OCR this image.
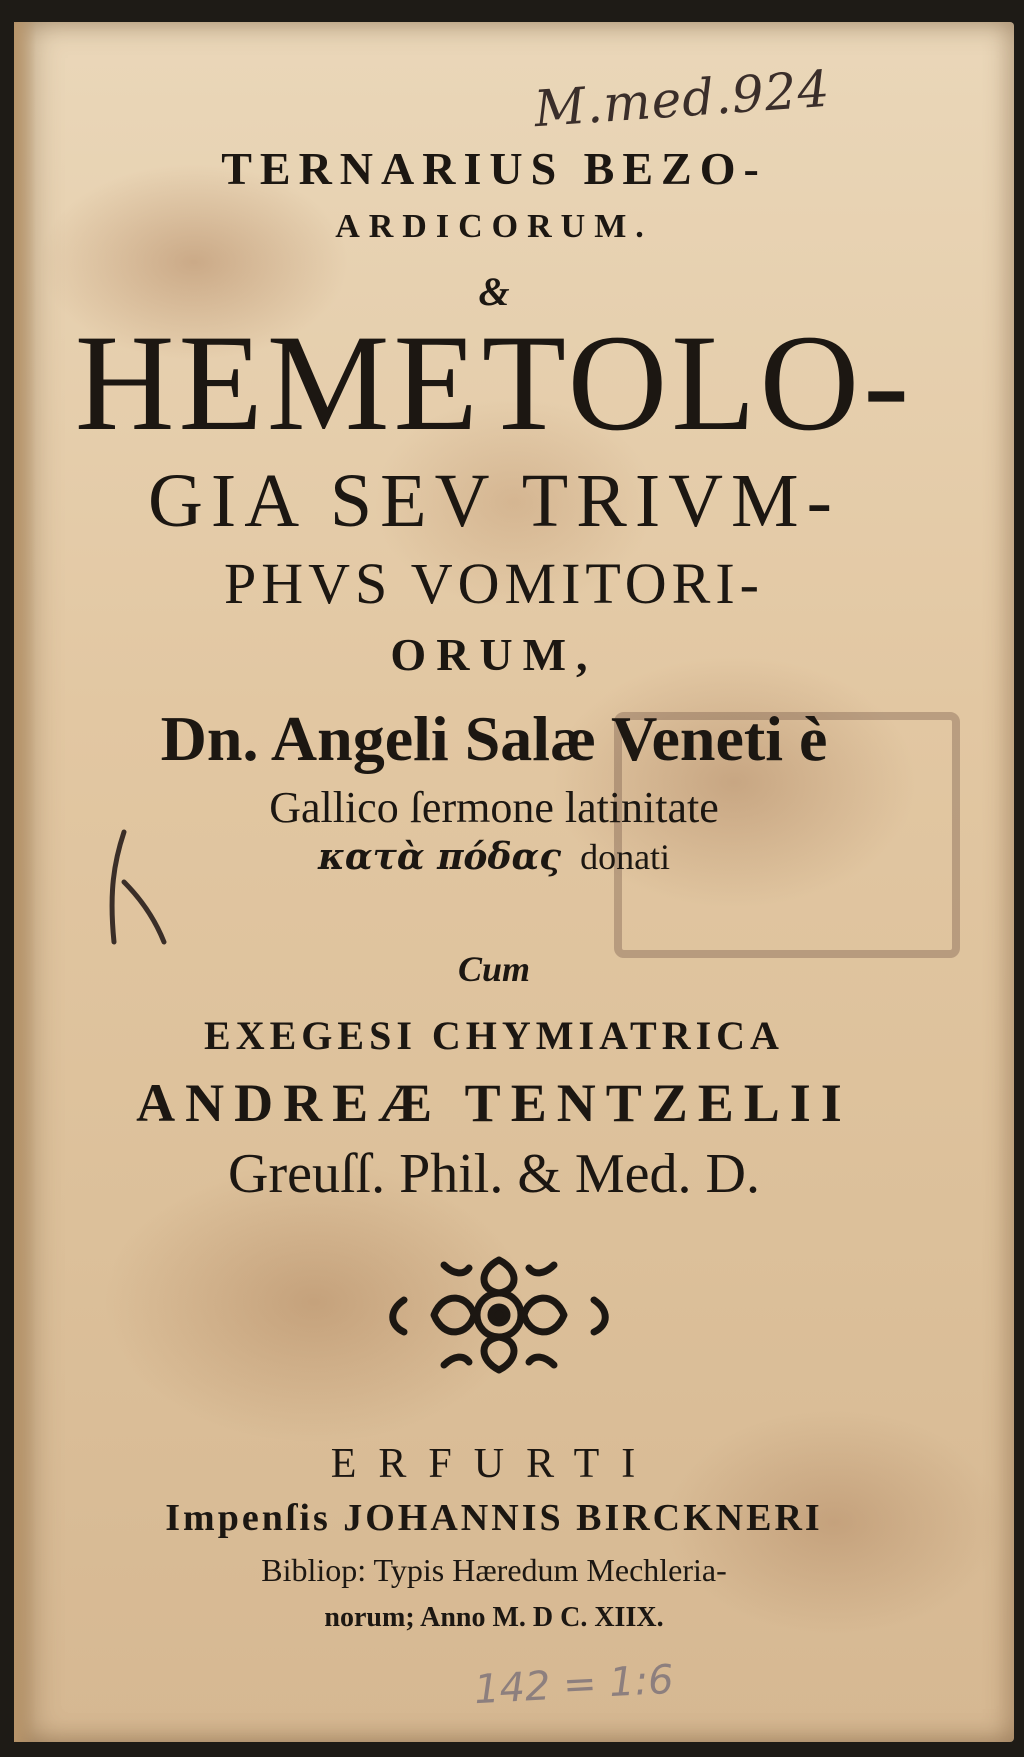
M.med.924
TERNARIUS BEZO-
ARDICORUM.
&
HEMETOLO-
GIA SEV TRIVM-
PHVS VOMITORI-
ORUM,
Dn. Angeli Salæ Veneti è
Gallico ſermone latinitate
κατὰ πόδας donati
Cum
EXEGESI CHYMIATRICA
ANDREÆ TENTZELII
Greuſſ. Phil. & Med. D.
ERFURTI
Impenſis JOHANNIS BIRCKNERI
Bibliop: Typis Hæredum Mechleria-
norum; Anno M. D C. XIIX.
142 = 1:6
